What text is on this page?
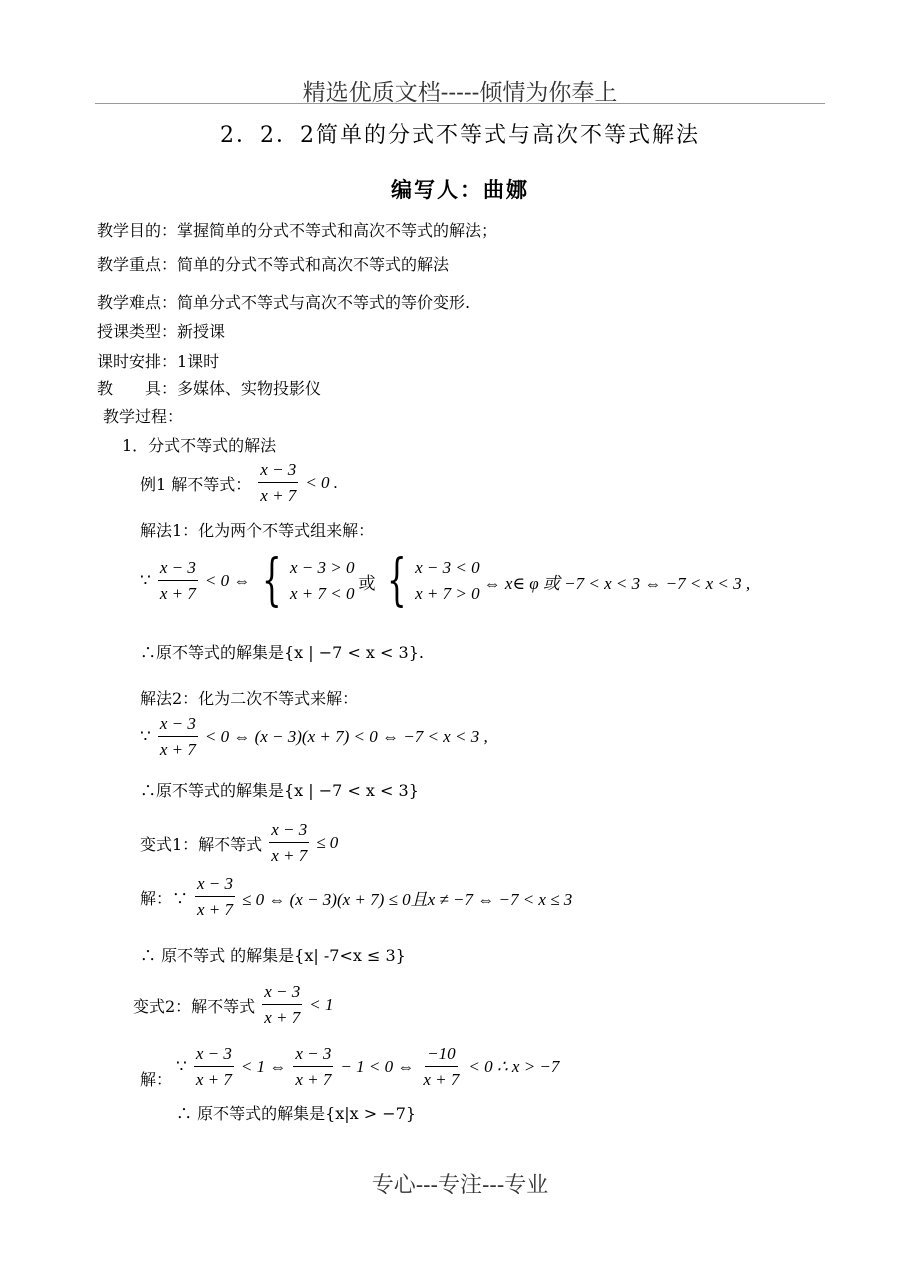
精选优质文档-----倾情为你奉上
2．2．2简单的分式不等式与高次不等式解法
编写人：曲娜
教学目的：掌握简单的分式不等式和高次不等式的解法；
教学重点：简单的分式不等式和高次不等式的解法
教学难点：简单分式不等式与高次不等式的等价变形.
授课类型：新授课
课时安排：1课时
教　　具：多媒体、实物投影仪
教学过程：
1．分式不等式的解法
例1 解不等式： $\frac{x - 3}{x + 7} < 0$ .
解法1：化为两个不等式组来解：
∵ $\frac{x - 3}{x + 7} < 0$ ⇔ { x − 3 > 0
x + 7 < 0 或 { x − 3 < 0
x + 7 > 0
⇔ x∈ φ 或 −7 < x < 3 ⇔ −7 < x < 3 ,
∴原不等式的解集是{x | −7 < x < 3}.
解法2：化为二次不等式来解：
∵ $\frac{x - 3}{x + 7} < 0$ ⇔ (x − 3)(x + 7) < 0 ⇔ −7 < x < 3 ,
∴原不等式的解集是{x | −7 < x < 3}
变式1：解不等式 $\frac{x - 3}{x + 7} \le 0$
解：∵ $\frac{x - 3}{x + 7} \le 0$ ⇔ (x − 3)(x + 7) ≤ 0且x ≠ −7 ⇔ −7 < x ≤ 3
∴ 原不等式 的解集是{x| -7<x ≤ 3}
变式2：解不等式 $\frac{x - 3}{x + 7} < 1$
解：
∵ $\frac{x - 3}{x + 7} < 1$ ⇔ $\frac{x - 3}{x + 7} - 1 < 0$ ⇔ $\frac{-10}{x + 7} < 0$ ∴ x > −7
∴ 原不等式的解集是{x|x > −7}
专心---专注---专业
